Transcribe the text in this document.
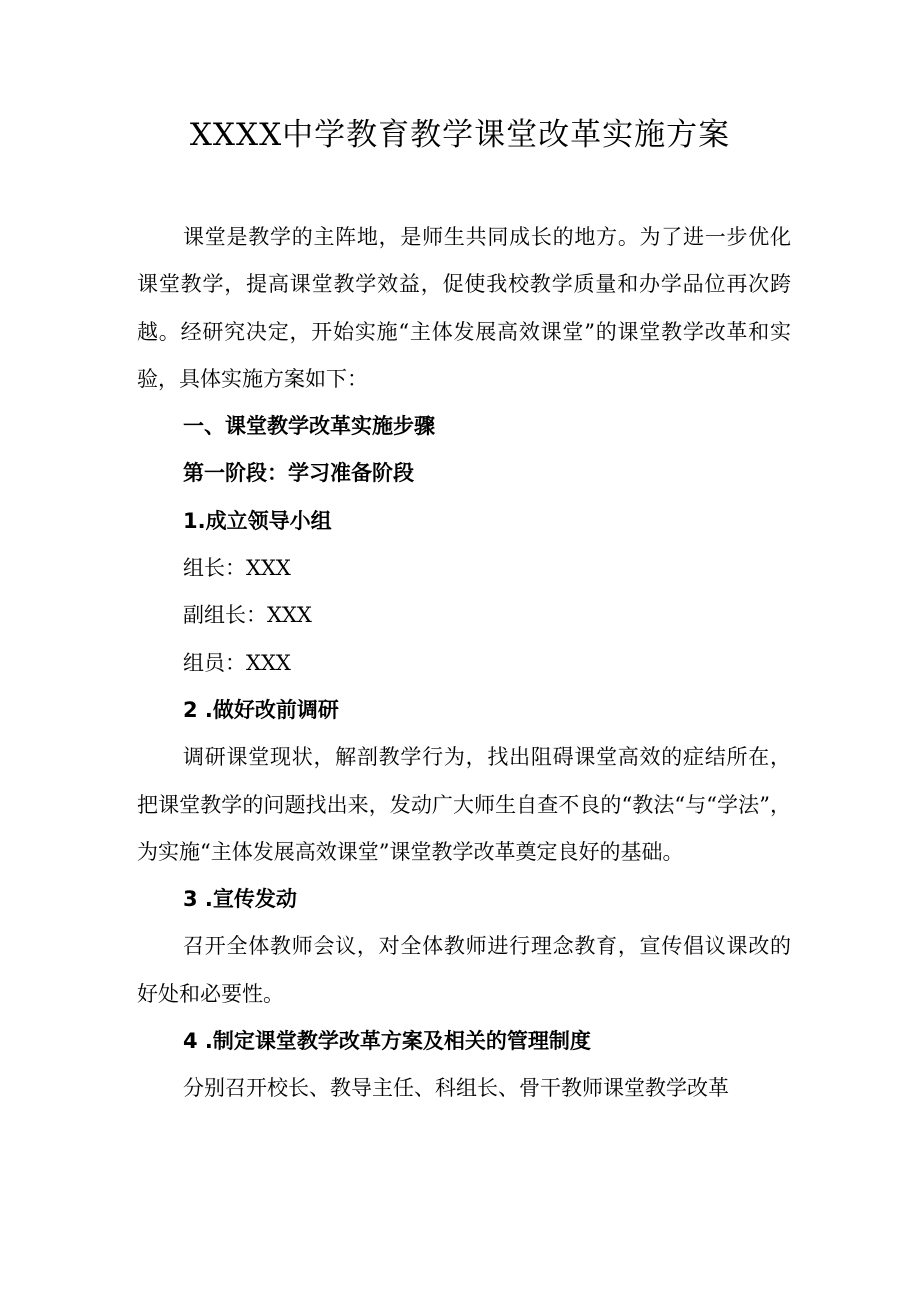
XXXX中学教育教学课堂改革实施方案

课堂是教学的主阵地，是师生共同成长的地方。为了进一步优化课堂教学，提高课堂教学效益，促使我校教学质量和办学品位再次跨越。经研究决定，开始实施“主体发展高效课堂”的课堂教学改革和实验，具体实施方案如下：

一、课堂教学改革实施步骤

第一阶段：学习准备阶段

1.成立领导小组

组长：XXX

副组长：XXX

组员：XXX

2 .做好改前调研

调研课堂现状，解剖教学行为，找出阻碍课堂高效的症结所在，把课堂教学的问题找出来，发动广大师生自查不良的“教法“与“学法”，为实施“主体发展高效课堂”课堂教学改革奠定良好的基础。

3 .宣传发动

召开全体教师会议，对全体教师进行理念教育，宣传倡议课改的好处和必要性。

4 .制定课堂教学改革方案及相关的管理制度

分别召开校长、教导主任、科组长、骨干教师课堂教学改革
